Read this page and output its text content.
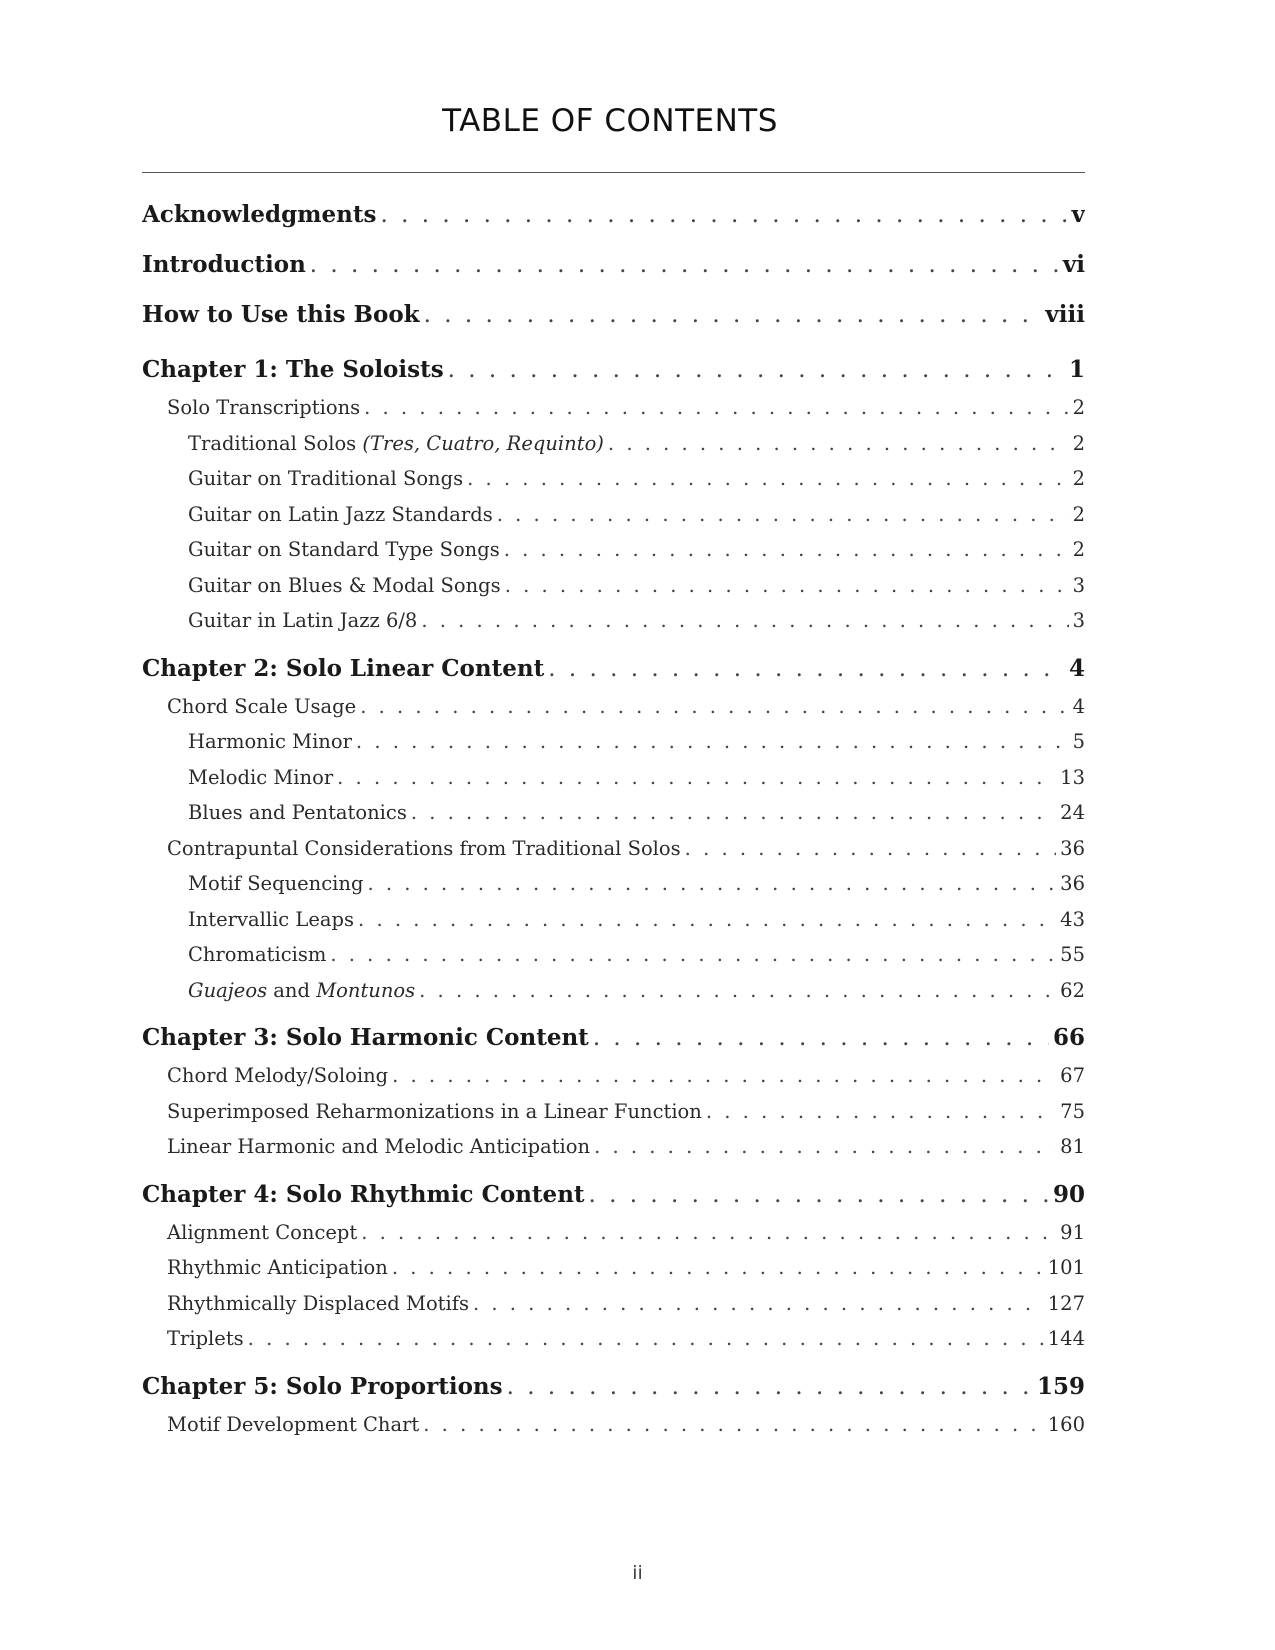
TABLE OF CONTENTS
Acknowledgments . . .	v
Introduction . . .	vi
How to Use this Book . . .	viii
Chapter 1: The Soloists . . .	1
Solo Transcriptions . . .	2
Traditional Solos (Tres, Cuatro, Requinto) . . .	2
Guitar on Traditional Songs . . .	2
Guitar on Latin Jazz Standards . . .	2
Guitar on Standard Type Songs . . .	2
Guitar on Blues & Modal Songs . . .	3
Guitar in Latin Jazz 6/8 . . .	3
Chapter 2: Solo Linear Content . . .	4
Chord Scale Usage . . .	4
Harmonic Minor . . .	5
Melodic Minor . . .	13
Blues and Pentatonics . . .	24
Contrapuntal Considerations from Traditional Solos . . .	36
Motif Sequencing . . .	36
Intervallic Leaps . . .	43
Chromaticism . . .	55
Guajeos and Montunos . . .	62
Chapter 3: Solo Harmonic Content . . .	66
Chord Melody/Soloing . . .	67
Superimposed Reharmonizations in a Linear Function . . .	75
Linear Harmonic and Melodic Anticipation . . .	81
Chapter 4: Solo Rhythmic Content . . .	90
Alignment Concept . . .	91
Rhythmic Anticipation . . .	101
Rhythmically Displaced Motifs . . .	127
Triplets . . .	144
Chapter 5: Solo Proportions . . .	159
Motif Development Chart . . .	160
ii
